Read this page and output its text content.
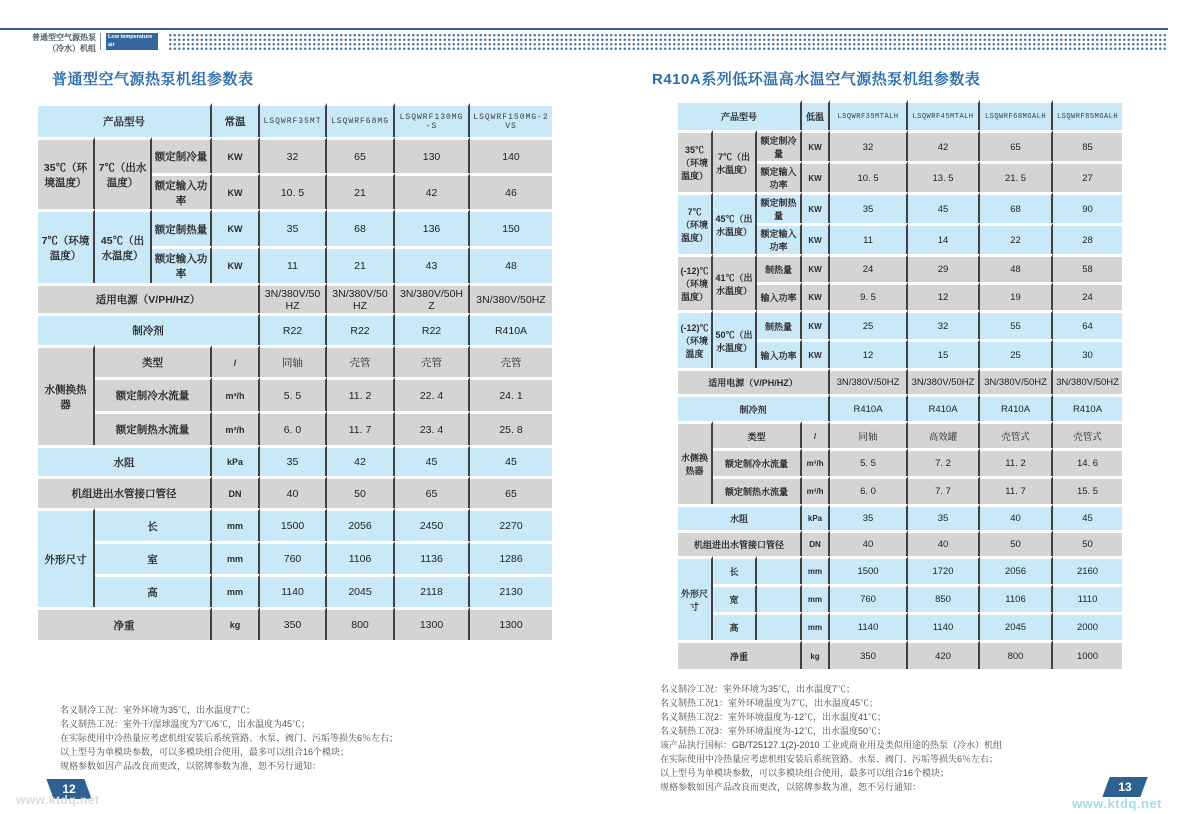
普通型空气源热泵
（冷水）机组
Low temperature air
source heat pump unit
普通型空气源热泵机组参数表	R410A系列低环温高水温空气源热泵机组参数表
产品型号			常温	LSQWRF35MT	LSQWRF68MG	LSQWRF130MG-S	LSQWRF150MG-2VS
35℃（环境温度）	7℃（出水温度）	额定制冷量	KW	32	65	130	140
		额定输入功率	KW	10. 5	21	42	46
7℃（环境温度）	45℃（出水温度）	额定制热量	KW	35	68	136	150
		额定输入功率	KW	11	21	43	48
适用电源（V/PH/HZ）				3N/380V/50HZ	3N/380V/50HZ	3N/380V/50HZ	3N/380V/50HZ
制冷剂				R22	R22	R22	R410A
水侧换热器	类型		/	同轴	壳管	壳管	壳管
	额定制冷水流量		m³/h	5. 5	11. 2	22. 4	24. 1
	额定制热水流量		m³/h	6. 0	11. 7	23. 4	25. 8
水阻			kPa	35	42	45	45
机组进出水管接口管径			DN	40	50	65	65
外形尺寸	长		mm	1500	2056	2450	2270
	室		mm	760	1106	1136	1286
	高		mm	1140	2045	2118	2130
净重			kg	350	800	1300	1300
产品型号			低温	LSQWRF35MTALH	LSQWRF45MTALH	LSQWRF68MGALH	LSQWRF85MGALH
35℃（环境温度）	7℃（出水温度）	额定制冷量	KW	32	42	65	85
		额定输入功率	KW	10. 5	13. 5	21. 5	27
7℃（环境温度）	45℃（出水温度）	额定制热量	KW	35	45	68	90
		额定输入功率	KW	11	14	22	28
(-12)℃（环境温度）	41℃（出水温度）	制热量	KW	24	29	48	58
		输入功率	KW	9. 5	12	19	24
(-12)℃（环境温度	50℃（出水温度）	制热量	KW	25	32	55	64
		输入功率	KW	12	15	25	30
适用电源（V/PH/HZ）				3N/380V/50HZ	3N/380V/50HZ	3N/380V/50HZ	3N/380V/50HZ
制冷剂				R410A	R410A	R410A	R410A
水侧换热器	类型		/	同轴	高效罐	壳管式	壳管式
	额定制冷水流量		m³/h	5. 5	7. 2	11. 2	14. 6
	额定制热水流量		m³/h	6. 0	7. 7	11. 7	15. 5
水阻			kPa	35	35	40	45
机组进出水管接口管径			DN	40	40	50	50
外形尺寸	长		mm	1500	1720	2056	2160
	宽		mm	760	850	1106	1110
	高		mm	1140	1140	2045	2000
净重			kg	350	420	800	1000
名义制冷工况：室外环境为35℃，出水温度7℃；
名义制热工况：室外干/湿球温度为7℃/6℃，出水温度为45℃；
在实际使用中冷热量应考虑机组安装后系统管路、水泵、阀门、污垢等损失6％左右；
以上型号为单模块参数，可以多模块组合使用，最多可以组合16个模块；
规格参数如因产品改良而更改，以铭牌参数为准，恕不另行通知：
名义制冷工况：室外环境为35℃，出水温度7℃；
名义制热工况1：室外环境温度为7℃，出水温度45℃；
名义制热工况2：室外环境温度为-12℃，出水温度41℃；
名义制热工况3：室外环境温度为-12℃，出水温度50℃；
该产品执行国标：GB/T25127.1(2)-2010 工业或商业用及类似用途的热泵（冷水）机组
在实际使用中冷热量应考虑机组安装后系统管路、水泵、阀门、污垢等损失6％左右；
以上型号为单模块参数，可以多模块组合使用，最多可以组合16个模块；
规格参数如因产品改良而更改，以铭牌参数为准，恕不另行通知：
12	13
www.ktdq.net	www.ktdq.net
